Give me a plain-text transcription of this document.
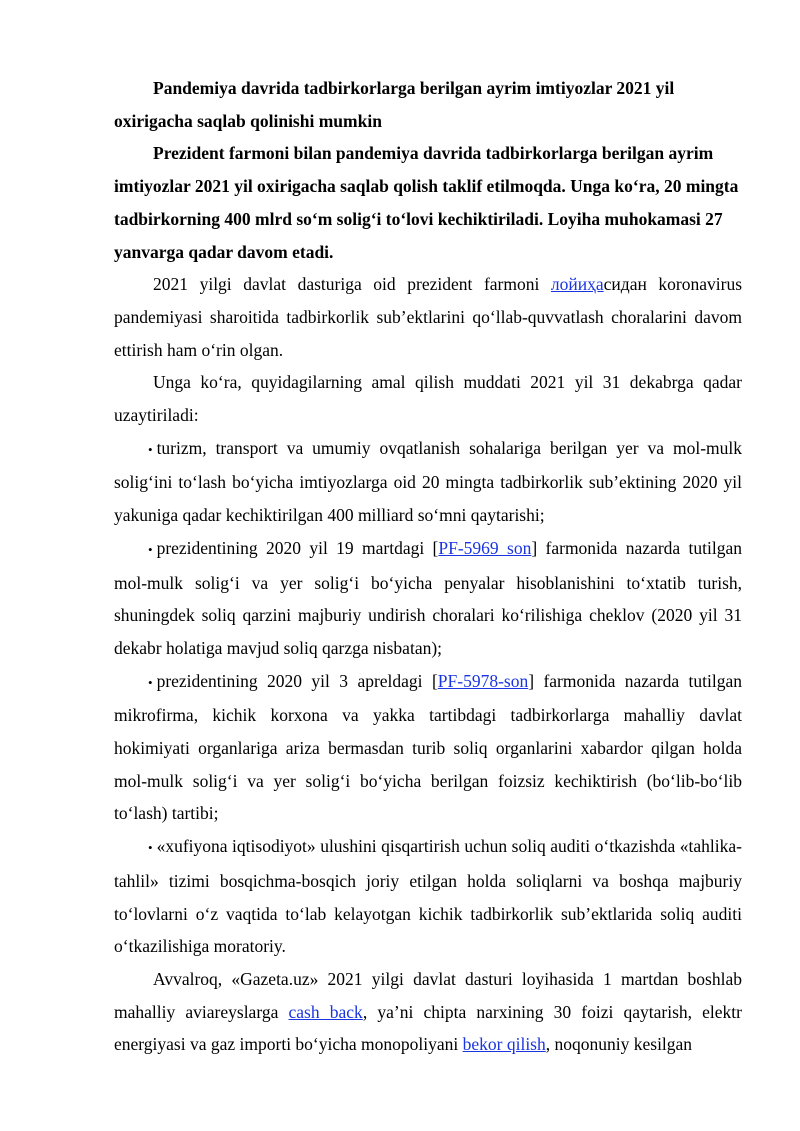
Pandemiya davrida tadbirkorlarga berilgan ayrim imtiyozlar 2021 yil oxirigacha saqlab qolinishi mumkin

Prezident farmoni bilan pandemiya davrida tadbirkorlarga berilgan ayrim imtiyozlar 2021 yil oxirigacha saqlab qolish taklif etilmoqda. Unga ko‘ra, 20 mingta tadbirkorning 400 mlrd so‘m solig‘i to‘lovi kechiktiriladi. Loyiha muhokamasi 27 yanvarga qadar davom etadi.

2021 yilgi davlat dasturiga oid prezident farmoni лойиҳасидан koronavirus pandemiyasi sharoitida tadbirkorlik sub’ektlarini qo‘llab-quvvatlash choralarini davom ettirish ham o‘rin olgan.

Unga ko‘ra, quyidagilarning amal qilish muddati 2021 yil 31 dekabrga qadar uzaytiriladi:

• turizm, transport va umumiy ovqatlanish sohalariga berilgan yer va mol-mulk solig‘ini to‘lash bo‘yicha imtiyozlarga oid 20 mingta tadbirkorlik sub’ektining 2020 yil yakuniga qadar kechiktirilgan 400 milliard so‘mni qaytarishi;

• prezidentining 2020 yil 19 martdagi [PF-5969 son] farmonida nazarda tutilgan mol-mulk solig‘i va yer solig‘i bo‘yicha penyalar hisoblanishini to‘xtatib turish, shuningdek soliq qarzini majburiy undirish choralari ko‘rilishiga cheklov (2020 yil 31 dekabr holatiga mavjud soliq qarzga nisbatan);

• prezidentining 2020 yil 3 apreldagi [PF-5978-son] farmonida nazarda tutilgan mikrofirma, kichik korxona va yakka tartibdagi tadbirkorlarga mahalliy davlat hokimiyati organlariga ariza bermasdan turib soliq organlarini xabardor qilgan holda mol-mulk solig‘i va yer solig‘i bo‘yicha berilgan foizsiz kechiktirish (bo‘lib-bo‘lib to‘lash) tartibi;

• «xufiyona iqtisodiyot» ulushini qisqartirish uchun soliq auditi o‘tkazishda «tahlika-tahlil» tizimi bosqichma-bosqich joriy etilgan holda soliqlarni va boshqa majburiy to‘lovlarni o‘z vaqtida to‘lab kelayotgan kichik tadbirkorlik sub’ektlarida soliq auditi o‘tkazilishiga moratoriy.

Avvalroq, «Gazeta.uz» 2021 yilgi davlat dasturi loyihasida 1 martdan boshlab mahalliy aviareyslarga cash back, ya’ni chipta narxining 30 foizi qaytarish, elektr energiyasi va gaz importi bo‘yicha monopoliyani bekor qilish, noqonuniy kesilgan
